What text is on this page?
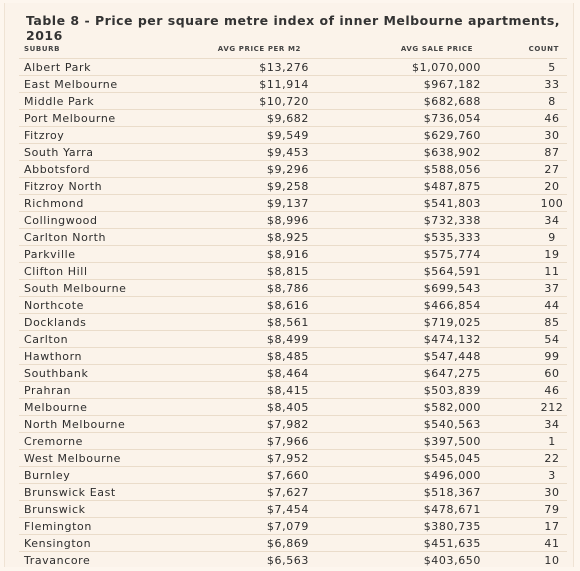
Table 8 - Price per square metre index of inner Melbourne apartments, 2016
SUBURB	AVG PRICE PER M2	AVG SALE PRICE	COUNT
Albert Park	$13,276	$1,070,000	5
East Melbourne	$11,914	$967,182	33
Middle Park	$10,720	$682,688	8
Port Melbourne	$9,682	$736,054	46
Fitzroy	$9,549	$629,760	30
South Yarra	$9,453	$638,902	87
Abbotsford	$9,296	$588,056	27
Fitzroy North	$9,258	$487,875	20
Richmond	$9,137	$541,803	100
Collingwood	$8,996	$732,338	34
Carlton North	$8,925	$535,333	9
Parkville	$8,916	$575,774	19
Clifton Hill	$8,815	$564,591	11
South Melbourne	$8,786	$699,543	37
Northcote	$8,616	$466,854	44
Docklands	$8,561	$719,025	85
Carlton	$8,499	$474,132	54
Hawthorn	$8,485	$547,448	99
Southbank	$8,464	$647,275	60
Prahran	$8,415	$503,839	46
Melbourne	$8,405	$582,000	212
North Melbourne	$7,982	$540,563	34
Cremorne	$7,966	$397,500	1
West Melbourne	$7,952	$545,045	22
Burnley	$7,660	$496,000	3
Brunswick East	$7,627	$518,367	30
Brunswick	$7,454	$478,671	79
Flemington	$7,079	$380,735	17
Kensington	$6,869	$451,635	41
Travancore	$6,563	$403,650	10
